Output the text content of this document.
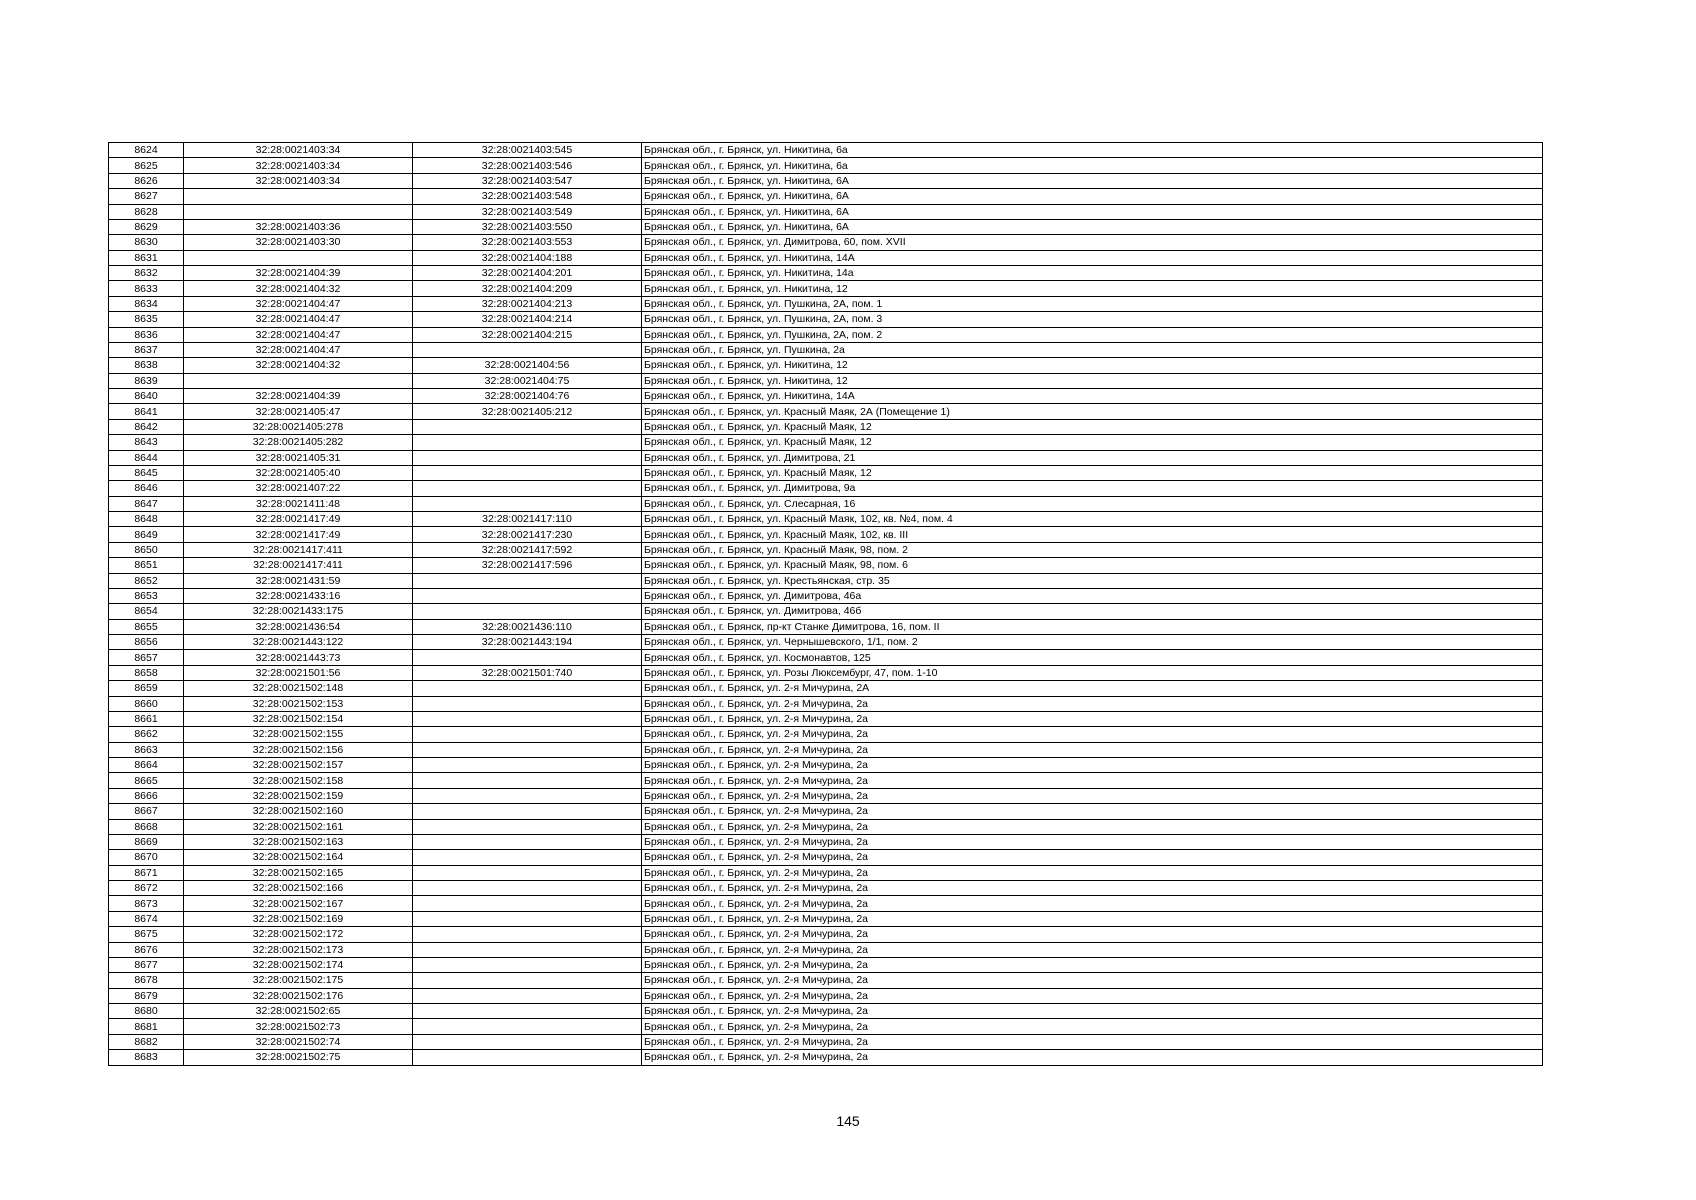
8624	32:28:0021403:34	32:28:0021403:545	Брянская обл., г. Брянск, ул. Никитина, 6а
8625	32:28:0021403:34	32:28:0021403:546	Брянская обл., г. Брянск, ул. Никитина, 6а
8626	32:28:0021403:34	32:28:0021403:547	Брянская обл., г. Брянск, ул. Никитина, 6А
8627		32:28:0021403:548	Брянская обл., г. Брянск, ул. Никитина, 6А
8628		32:28:0021403:549	Брянская обл., г. Брянск, ул. Никитина, 6А
8629	32:28:0021403:36	32:28:0021403:550	Брянская обл., г. Брянск, ул. Никитина, 6А
8630	32:28:0021403:30	32:28:0021403:553	Брянская обл., г. Брянск, ул. Димитрова, 60, пом. XVII
8631		32:28:0021404:188	Брянская обл., г. Брянск, ул. Никитина, 14А
8632	32:28:0021404:39	32:28:0021404:201	Брянская обл., г. Брянск, ул. Никитина, 14а
8633	32:28:0021404:32	32:28:0021404:209	Брянская обл., г. Брянск, ул. Никитина, 12
8634	32:28:0021404:47	32:28:0021404:213	Брянская обл., г. Брянск, ул. Пушкина, 2А, пом. 1
8635	32:28:0021404:47	32:28:0021404:214	Брянская обл., г. Брянск, ул. Пушкина, 2А, пом. 3
8636	32:28:0021404:47	32:28:0021404:215	Брянская обл., г. Брянск, ул. Пушкина, 2А, пом. 2
8637	32:28:0021404:47		Брянская обл., г. Брянск, ул. Пушкина, 2а
8638	32:28:0021404:32	32:28:0021404:56	Брянская обл., г. Брянск, ул. Никитина, 12
8639		32:28:0021404:75	Брянская обл., г. Брянск, ул. Никитина, 12
8640	32:28:0021404:39	32:28:0021404:76	Брянская обл., г. Брянск, ул. Никитина, 14А
8641	32:28:0021405:47	32:28:0021405:212	Брянская обл., г. Брянск, ул. Красный Маяк, 2А (Помещение 1)
8642	32:28:0021405:278		Брянская обл., г. Брянск, ул. Красный Маяк, 12
8643	32:28:0021405:282		Брянская обл., г. Брянск, ул. Красный Маяк, 12
8644	32:28:0021405:31		Брянская обл., г. Брянск, ул. Димитрова, 21
8645	32:28:0021405:40		Брянская обл., г. Брянск, ул. Красный Маяк, 12
8646	32:28:0021407:22		Брянская обл., г. Брянск, ул. Димитрова, 9а
8647	32:28:0021411:48		Брянская обл., г. Брянск, ул. Слесарная, 16
8648	32:28:0021417:49	32:28:0021417:110	Брянская обл., г. Брянск, ул. Красный Маяк, 102, кв. №4, пом. 4
8649	32:28:0021417:49	32:28:0021417:230	Брянская обл., г. Брянск, ул. Красный Маяк, 102, кв. III
8650	32:28:0021417:411	32:28:0021417:592	Брянская обл., г. Брянск, ул. Красный Маяк, 98, пом. 2
8651	32:28:0021417:411	32:28:0021417:596	Брянская обл., г. Брянск, ул. Красный Маяк, 98, пом. 6
8652	32:28:0021431:59		Брянская обл., г. Брянск, ул. Крестьянская, стр. 35
8653	32:28:0021433:16		Брянская обл., г. Брянск, ул. Димитрова, 46а
8654	32:28:0021433:175		Брянская обл., г. Брянск, ул. Димитрова, 46б
8655	32:28:0021436:54	32:28:0021436:110	Брянская обл., г. Брянск, пр-кт Станке Димитрова, 16, пом. II
8656	32:28:0021443:122	32:28:0021443:194	Брянская обл., г. Брянск, ул. Чернышевского, 1/1, пом. 2
8657	32:28:0021443:73		Брянская обл., г. Брянск, ул. Космонавтов, 125
8658	32:28:0021501:56	32:28:0021501:740	Брянская обл., г. Брянск, ул. Розы Люксембург, 47, пом. 1-10
8659	32:28:0021502:148		Брянская обл., г. Брянск, ул. 2-я Мичурина, 2А
8660	32:28:0021502:153		Брянская обл., г. Брянск, ул. 2-я Мичурина, 2а
8661	32:28:0021502:154		Брянская обл., г. Брянск, ул. 2-я Мичурина, 2а
8662	32:28:0021502:155		Брянская обл., г. Брянск, ул. 2-я Мичурина, 2а
8663	32:28:0021502:156		Брянская обл., г. Брянск, ул. 2-я Мичурина, 2а
8664	32:28:0021502:157		Брянская обл., г. Брянск, ул. 2-я Мичурина, 2а
8665	32:28:0021502:158		Брянская обл., г. Брянск, ул. 2-я Мичурина, 2а
8666	32:28:0021502:159		Брянская обл., г. Брянск, ул. 2-я Мичурина, 2а
8667	32:28:0021502:160		Брянская обл., г. Брянск, ул. 2-я Мичурина, 2а
8668	32:28:0021502:161		Брянская обл., г. Брянск, ул. 2-я Мичурина, 2а
8669	32:28:0021502:163		Брянская обл., г. Брянск, ул. 2-я Мичурина, 2а
8670	32:28:0021502:164		Брянская обл., г. Брянск, ул. 2-я Мичурина, 2а
8671	32:28:0021502:165		Брянская обл., г. Брянск, ул. 2-я Мичурина, 2а
8672	32:28:0021502:166		Брянская обл., г. Брянск, ул. 2-я Мичурина, 2а
8673	32:28:0021502:167		Брянская обл., г. Брянск, ул. 2-я Мичурина, 2а
8674	32:28:0021502:169		Брянская обл., г. Брянск, ул. 2-я Мичурина, 2а
8675	32:28:0021502:172		Брянская обл., г. Брянск, ул. 2-я Мичурина, 2а
8676	32:28:0021502:173		Брянская обл., г. Брянск, ул. 2-я Мичурина, 2а
8677	32:28:0021502:174		Брянская обл., г. Брянск, ул. 2-я Мичурина, 2а
8678	32:28:0021502:175		Брянская обл., г. Брянск, ул. 2-я Мичурина, 2а
8679	32:28:0021502:176		Брянская обл., г. Брянск, ул. 2-я Мичурина, 2а
8680	32:28:0021502:65		Брянская обл., г. Брянск, ул. 2-я Мичурина, 2а
8681	32:28:0021502:73		Брянская обл., г. Брянск, ул. 2-я Мичурина, 2а
8682	32:28:0021502:74		Брянская обл., г. Брянск, ул. 2-я Мичурина, 2а
8683	32:28:0021502:75		Брянская обл., г. Брянск, ул. 2-я Мичурина, 2а
145
